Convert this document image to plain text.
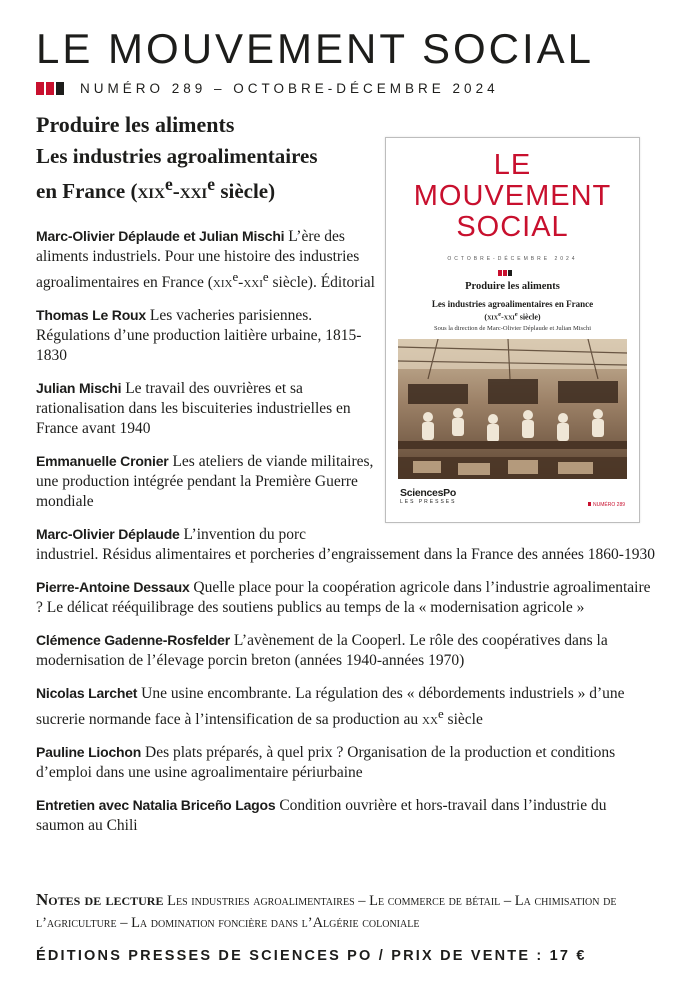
LE MOUVEMENT SOCIAL
NUMÉRO 289 – OCTOBRE-DÉCEMBRE 2024
Produire les aliments
Les industries agroalimentaires
en France (xix$^e$-xxi$^e$ siècle)
Marc-Olivier Déplaude et Julian Mischi L’ère des aliments industriels. Pour une histoire des industries agroalimentaires en France (xix$^e$-xxi$^e$ siècle). Éditorial
Thomas Le Roux Les vacheries parisiennes. Régulations d’une production laitière urbaine, 1815-1830
Julian Mischi Le travail des ouvrières et sa rationalisation dans les biscuiteries industrielles en France avant 1940
Emmanuelle Cronier Les ateliers de viande militaires, une production intégrée pendant la Première Guerre mondiale
Marc-Olivier Déplaude L’invention du porc
industriel. Résidus alimentaires et porcheries d’engraissement dans la France des années 1860-1930
Pierre-Antoine Dessaux Quelle place pour la coopération agricole dans l’industrie agroalimentaire ? Le délicat rééquilibrage des soutiens publics au temps de la « modernisation agricole »
Clémence Gadenne-Rosfelder L’avènement de la Cooperl. Le rôle des coopératives dans la modernisation de l’élevage porcin breton (années 1940-années 1970)
Nicolas Larchet Une usine encombrante. La régulation des « débordements industriels » d’une sucrerie normande face à l’intensification de sa production au $xx^e$ siècle
Pauline Liochon Des plats préparés, à quel prix ? Organisation de la production et conditions d’emploi dans une usine agroalimentaire périurbaine
Entretien avec Natalia Briceño Lagos Condition ouvrière et hors-travail dans l’industrie du saumon au Chili
LE
MOUVEMENT
SOCIAL
OCTOBRE-DÉCEMBRE 2024
Produire les aliments
Les industries agroalimentaires en France
(xix$^e$-xxi$^e$ siècle)
Sous la direction de Marc-Olivier Déplaude et Julian Mischi
SciencesPo
LES PRESSES	NUMÉRO 289
Notes de lecture Les industries agroalimentaires – Le commerce de bétail – La chimisation de l’agriculture – La domination foncière dans l’Algérie coloniale
ÉDITIONS PRESSES DE SCIENCES PO / PRIX DE VENTE : 17 €
